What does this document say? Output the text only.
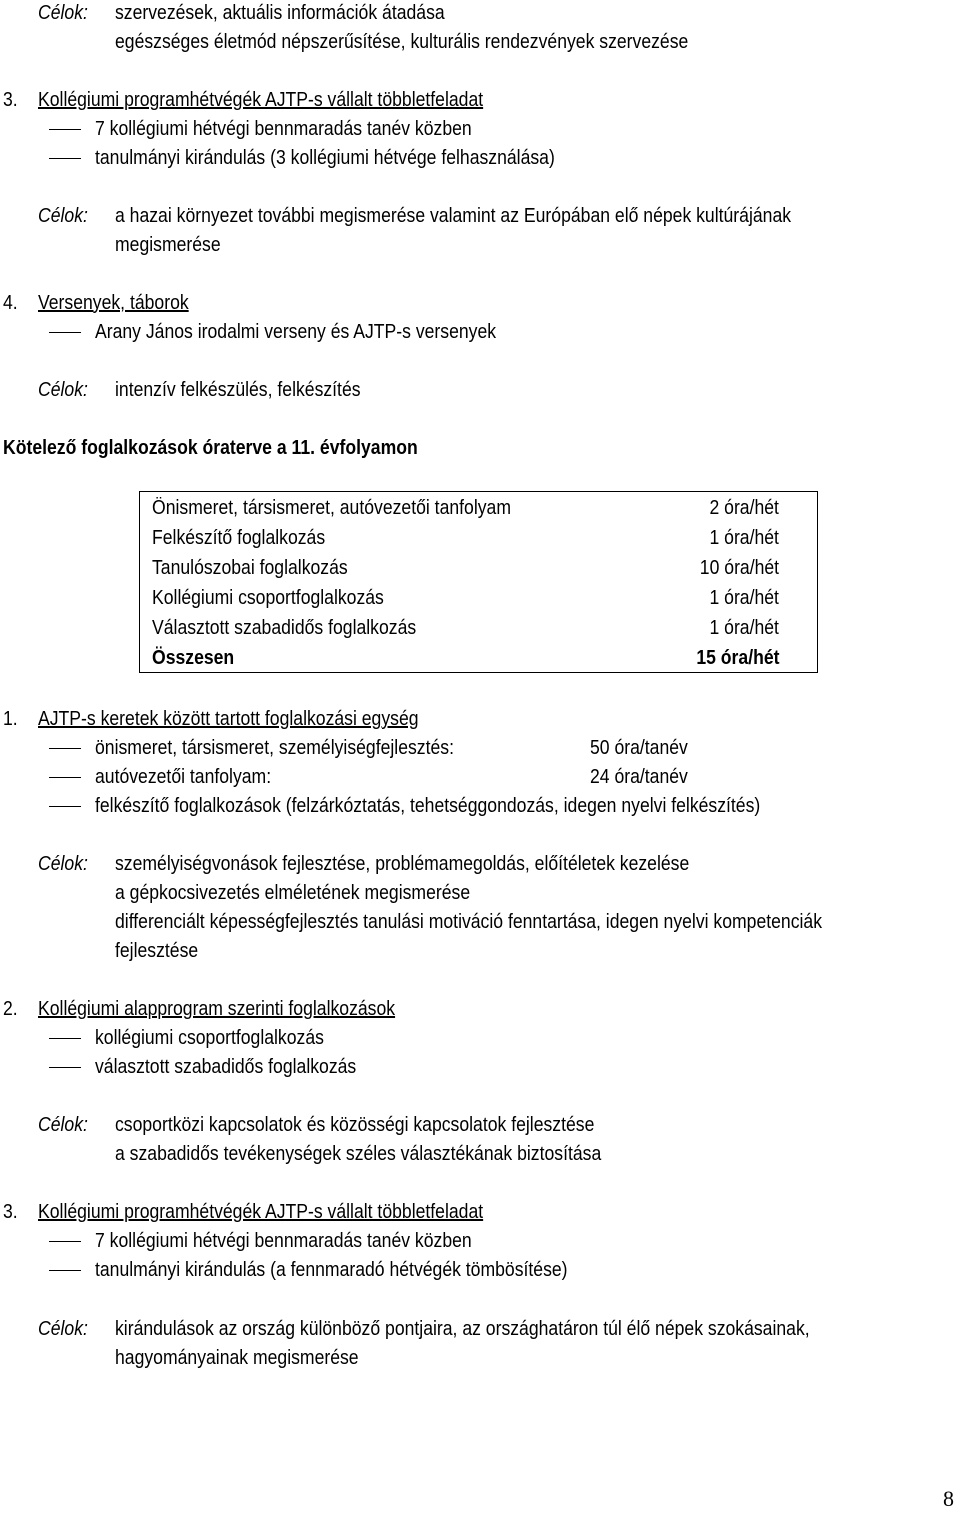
Célok: szervezések, aktuális információk átadása
egészséges életmód népszerűsítése, kulturális rendezvények szervezése
3. Kollégiumi programhétvégék AJTP-s vállalt többletfeladat
7 kollégiumi hétvégi bennmaradás tanév közben
tanulmányi kirándulás (3 kollégiumi hétvége felhasználása)
Célok: a hazai környezet további megismerése valamint az Európában elő népek kultúrájának
megismerése
4. Versenyek, táborok
Arany János irodalmi verseny és AJTP-s versenyek
Célok: intenzív felkészülés, felkészítés
Kötelező foglalkozások óraterve a 11. évfolyamon
Önismeret, társismeret, autóvezetői tanfolyam	2 óra/hét
Felkészítő foglalkozás	1 óra/hét
Tanulószobai foglalkozás	10 óra/hét
Kollégiumi csoportfoglalkozás	1 óra/hét
Választott szabadidős foglalkozás	1 óra/hét
Összesen	15 óra/hét
1. AJTP-s keretek között tartott foglalkozási egység
önismeret, társismeret, személyiségfejlesztés:	50 óra/tanév
autóvezetői tanfolyam:	24 óra/tanév
felkészítő foglalkozások (felzárkóztatás, tehetséggondozás, idegen nyelvi felkészítés)
Célok: személyiségvonások fejlesztése, problémamegoldás, előítéletek kezelése
a gépkocsivezetés elméletének megismerése
differenciált képességfejlesztés tanulási motiváció fenntartása, idegen nyelvi kompetenciák
fejlesztése
2. Kollégiumi alapprogram szerinti foglalkozások
kollégiumi csoportfoglalkozás
választott szabadidős foglalkozás
Célok: csoportközi kapcsolatok és közösségi kapcsolatok fejlesztése
a szabadidős tevékenységek széles választékának biztosítása
3. Kollégiumi programhétvégék AJTP-s vállalt többletfeladat
7 kollégiumi hétvégi bennmaradás tanév közben
tanulmányi kirándulás (a fennmaradó hétvégék tömbösítése)
Célok: kirándulások az ország különböző pontjaira, az országhatáron túl élő népek szokásainak,
hagyományainak megismerése
8
